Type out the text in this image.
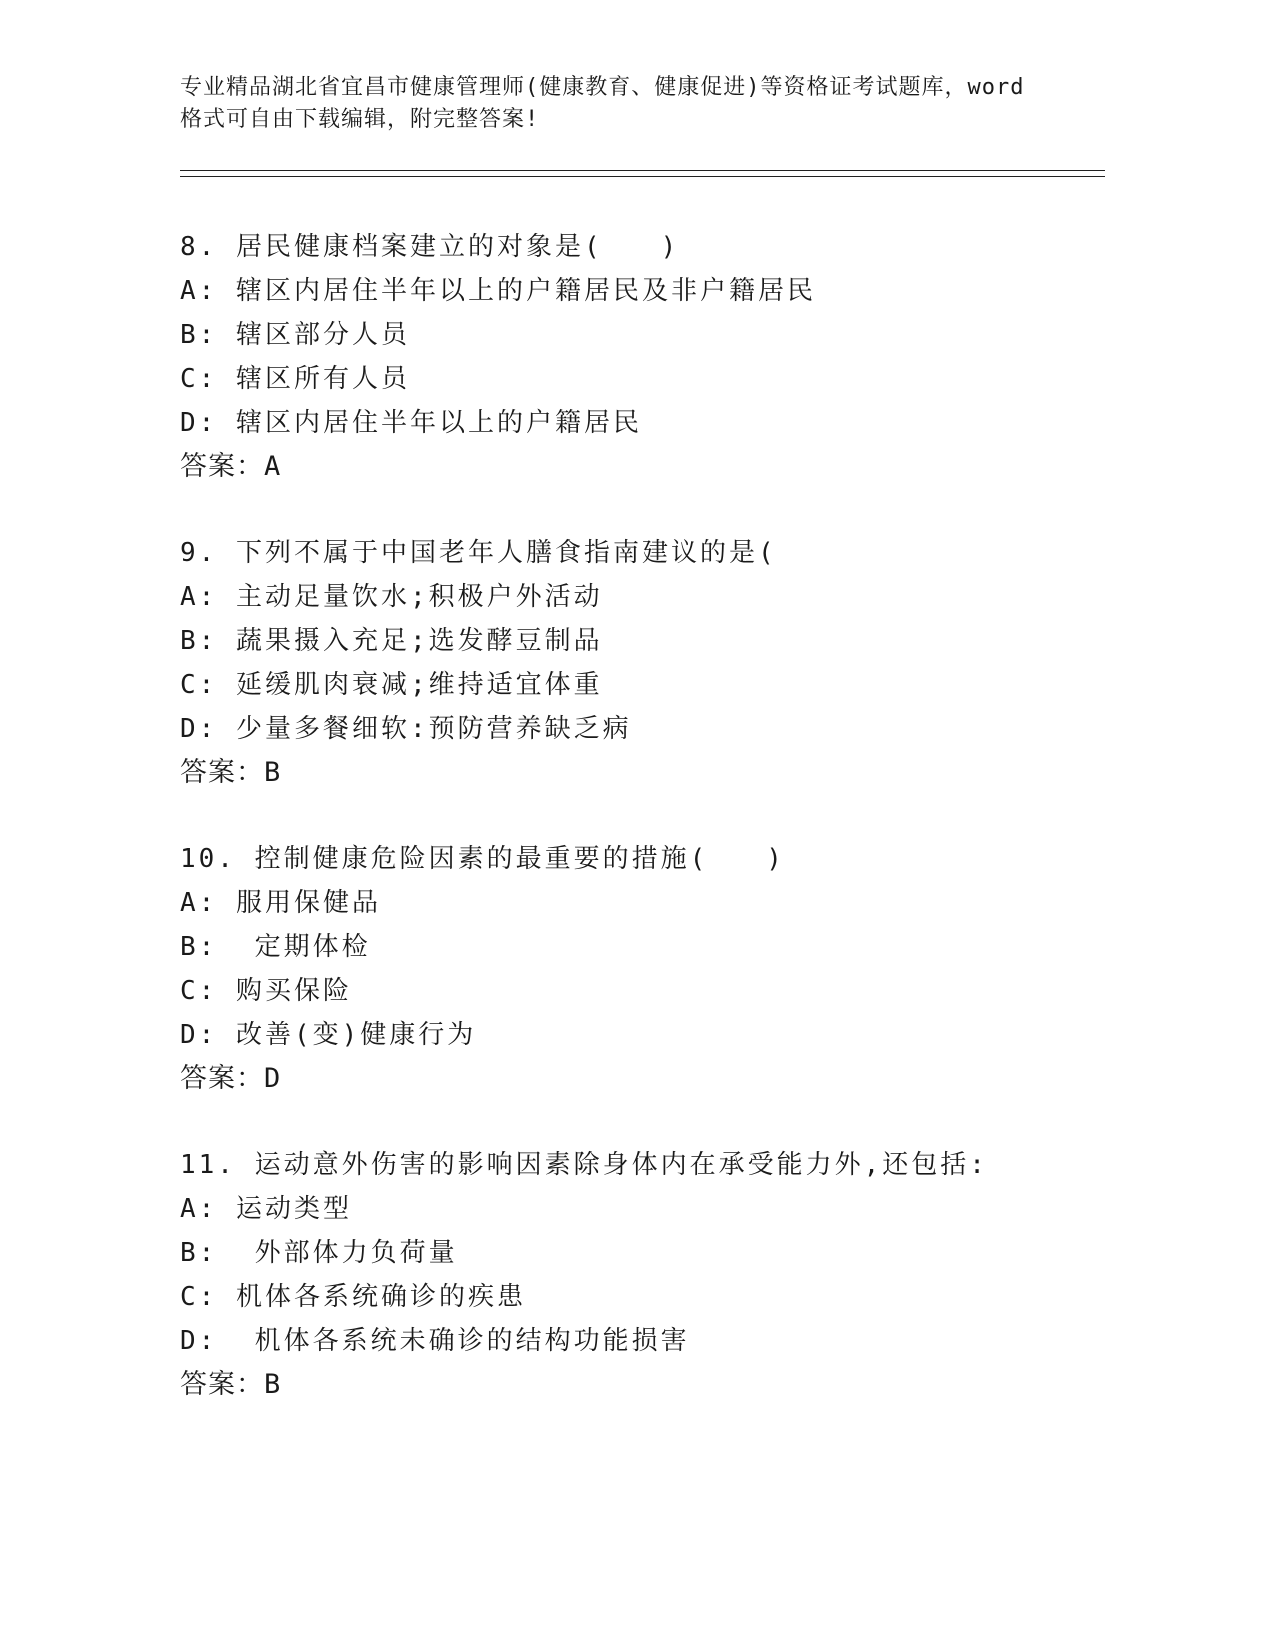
专业精品湖北省宜昌市健康管理师(健康教育、健康促进)等资格证考试题库，word
格式可自由下载编辑，附完整答案!
8. 居民健康档案建立的对象是(　　)
A: 辖区内居住半年以上的户籍居民及非户籍居民
B: 辖区部分人员
C: 辖区所有人员
D: 辖区内居住半年以上的户籍居民
答案：A
9. 下列不属于中国老年人膳食指南建议的是(
A: 主动足量饮水;积极户外活动
B: 蔬果摄入充足;选发酵豆制品
C: 延缓肌肉衰减;维持适宜体重
D: 少量多餐细软:预防营养缺乏病
答案：B
10. 控制健康危险因素的最重要的措施(　　)
A: 服用保健品
B:  定期体检
C: 购买保险
D: 改善(变)健康行为
答案：D
11. 运动意外伤害的影响因素除身体内在承受能力外,还包括:
A: 运动类型
B:  外部体力负荷量
C: 机体各系统确诊的疾患
D:  机体各系统未确诊的结构功能损害
答案：B
